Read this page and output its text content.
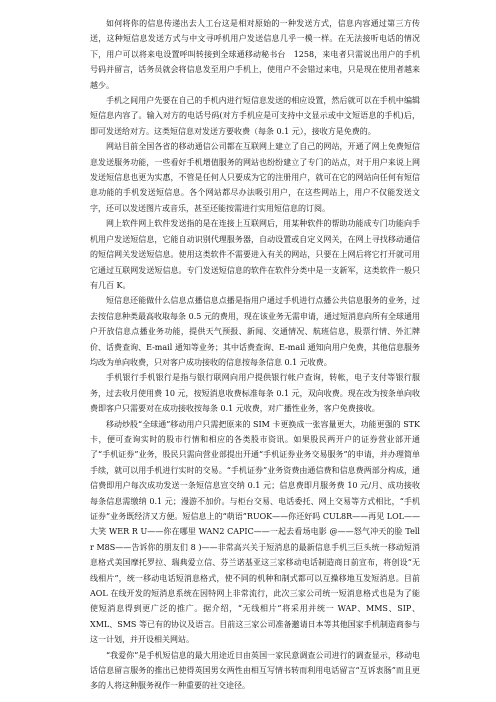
如何将你的信息传递出去人工台这是相对原始的一种发送方式，信息内容通过第三方传送，这种短信息发送方式与中文寻呼机用户发送信息几乎一模一样。在无法接听电话的情况下，用户可以将来电设置呼叫转接到全球通移动秘书台　1258，来电者只需说出用户的手机号码并留言，话务员就会将信息发至用户手机上，使用户不会错过来电，只是现在使用者越来越少。

手机之间用户先要在自己的手机内进行短信息发送的相应设置，然后就可以在手机中编辑短信息内容了。输入对方的电话号码(对方手机应是可支持中文显示或中文短语息的手机)后，即可发送给对方。这类短信息对发送方要收费（每条 0.1 元），接收方是免费的。

网站目前全国各省的移动通信公司都在互联网上建立了自己的网站，开通了网上免费短信息发送服务功能，一些看好手机增值服务的网站也纷纷建立了专门的站点，对于用户来说上网发送短信息也更为实惠，不管是任何人只要成为它的注册用户，就可在它的网站向任何有短信息功能的手机发送短信息。各个网站都尽办法吸引用户，在这些网站上，用户不仅能发送文字，还可以发送图片或音乐，甚至还能按需进行实用短信息的订阅。

网上软件网上软件发送指的是在连接上互联网后，用某种软件的帮助功能成专门功能向手机用户发送短信息，它能自动识别代理服务器，自动设置或自定义网关，在网上寻找移动通信的短信网关发送短信息。使用这类软件不需要进入有关的网站，只要在上网后将它打开就可用它通过互联网发送短信息。专门发送短信息的软件在软件分类中是一支新军，这类软件一般只有几百 K。

短信息还能做什么信息点播信息点播是指用户通过手机进行点播公共信息服务的业务，过去按信息种类最高收取每条 0.5 元的费用，现在该业务无需申请，通过短消息向所有全球通用户开放信息点播业务功能，提供天气预报、新闻、交通情况、航班信息，股票行情、外汇牌价、话费查询、E-mail 通知等业务；其中话费查询、E-mail 通知向用户免费，其他信息服务均改为单向收费，只对客户成功接收的信息按每条信息 0.1 元收费。

手机银行手机银行是指与银行联网向用户提供银行帐户查询，转帐，电子支付等银行服务，过去收月使用费 10 元，按短消息收费标准每条 0.1 元，双向收费。现在改为按条单向收费即客户只需要对在成功接收按每条 0.1 元收费，对广播性业务，客户免费接收。

移动炒股“全球通”移动用户只需把原来的 SIM 卡更换成一张容量更大，功能更强的 STK 卡，便可查询实时的股市行情和相应的各类股市资讯。如果股民两开户的证券营业部开通了“手机证券”业务，股民只需向营业部提出开通“手机证券业务交易服务”的申请，并办理简单手续，就可以用手机进行实时的交易。“手机证券”业务资费由通信费和信息费两部分构成，通信费即用户每次成功发送一条短信息宣交纳 0.1 元；信息费即月服务费 10 元/月、成功接收每条信息需缴纳 0.1 元；漫游不加价。与柜台交易、电话委托、网上交易等方式相比，“手机证券”业务既经济又方便。短信息上的“萌语”RUOK——你还好吗 CUL8R——再见 LOL——大笑 WER R U——你在哪里 WAN2 CAPIC——一起去看场电影 @——怒气冲天的脸 Tell r M8S——告诉你的朋友们 8 )——非常高兴关于短消息的最新信息手机三巨头统一移动短消息格式美国摩托罗拉、瑞典爱立信、芬兰诺基亚这三家移动电话制造商日前宣布，将创设“无线相片”，统一移动电话短消息格式，使不同的机种和制式都可以互操移地互发短消息。目前 AOL 在线开发的短消息系统在因特网上非常流行，此次三家公司统一短消息格式也是为了能使短消息得到更广泛的推广。据介绍，“无线相片”将采用并统一 WAP、MMS、SIP、XML、SMS 等已有的协议及语言。目前这三家公司准备邀请日本等其他国家手机制造商参与这一计划，并开设相关网站。

“我爱你”是手机短信息的最大用途近日由英国一家民意调查公司进行的调查显示，移动电话信息留言服务的推出已使得英国男女两性由相互写情书转而利用电话留言“互诉衷肠”而且更多的人将这种服务视作一种重要的社交途径。
